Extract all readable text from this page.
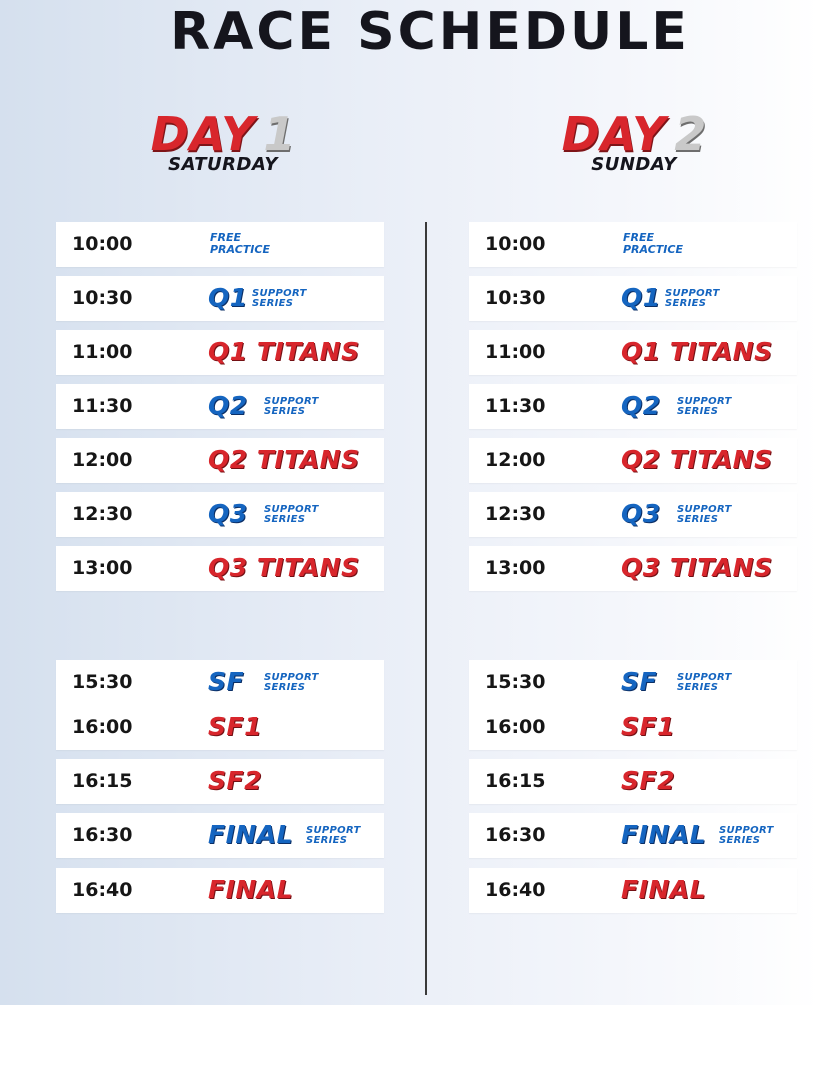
RACE SCHEDULE
DAY 1
SATURDAY
DAY 2
SUNDAY
10:00	FREE
PRACTICE
10:30	Q1 SUPPORT
SERIES
11:00	Q1 TITANS
11:30	Q2 SUPPORT
SERIES
12:00	Q2 TITANS
12:30	Q3 SUPPORT
SERIES
13:00	Q3 TITANS
15:30	SF SUPPORT
SERIES
16:00	SF1
16:15	SF2
16:30	FINAL SUPPORT
SERIES
16:40	FINAL
10:00	FREE
PRACTICE
10:30	Q1 SUPPORT
SERIES
11:00	Q1 TITANS
11:30	Q2 SUPPORT
SERIES
12:00	Q2 TITANS
12:30	Q3 SUPPORT
SERIES
13:00	Q3 TITANS
15:30	SF SUPPORT
SERIES
16:00	SF1
16:15	SF2
16:30	FINAL SUPPORT
SERIES
16:40	FINAL
